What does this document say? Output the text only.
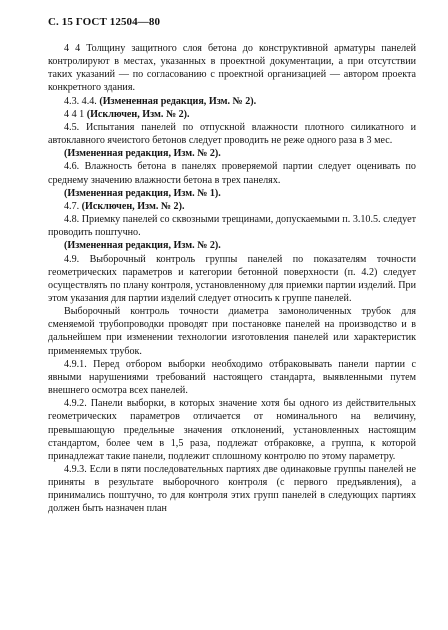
С. 15 ГОСТ 12504—80

4 4 Толщину защитного слоя бетона до конструктивной арматуры панелей контролируют в местах, указанных в проектной документации, а при отсутствии таких указаний — по согласованию с проектной организацией — автором проекта конкретного здания.

4.3. 4.4. (Измененная редакция, Изм. № 2).

4 4 1 (Исключен, Изм. № 2).

4.5. Испытания панелей по отпускной влажности плотного силикатного и автоклавного ячеистого бетонов следует проводить не реже одного раза в 3 мес.

(Измененная редакция, Изм. № 2).

4.6. Влажность бетона в панелях проверяемой партии следует оценивать по среднему значению влажности бетона в трех панелях.

(Измененная редакция, Изм. № 1).

4.7. (Исключен, Изм. № 2).

4.8. Приемку панелей со сквозными трещинами, допускаемыми п. 3.10.5. следует проводить поштучно.

(Измененная редакция, Изм. № 2).

4.9. Выборочный контроль группы панелей по показателям точности геометрических параметров и категории бетонной поверхности (п. 4.2) следует осуществлять по плану контроля, установленному для приемки партии изделий. При этом указания для партии изделий следует относить к группе панелей.

Выборочный контроль точности диаметра замоноличенных трубок для сменяемой трубопроводки проводят при постановке панелей на производство и в дальнейшем при изменении технологии изготовления панелей или характеристик применяемых трубок.

4.9.1. Перед отбором выборки необходимо отбраковывать панели партии с явными нарушениями требований настоящего стандарта, выявленными путем внешнего осмотра всех панелей.

4.9.2. Панели выборки, в которых значение хотя бы одного из действительных геометрических параметров отличается от номинального на величину, превышающую предельные значения отклонений, установленных настоящим стандартом, более чем в 1,5 раза, подлежат отбраковке, а группа, к которой принадлежат такие панели, подлежит сплошному контролю по этому параметру.

4.9.3. Если в пяти последовательных партиях две одинаковые группы панелей не приняты в результате выборочного контроля (с первого предъявления), а принимались поштучно, то для контроля этих групп панелей в следующих партиях должен быть назначен план
